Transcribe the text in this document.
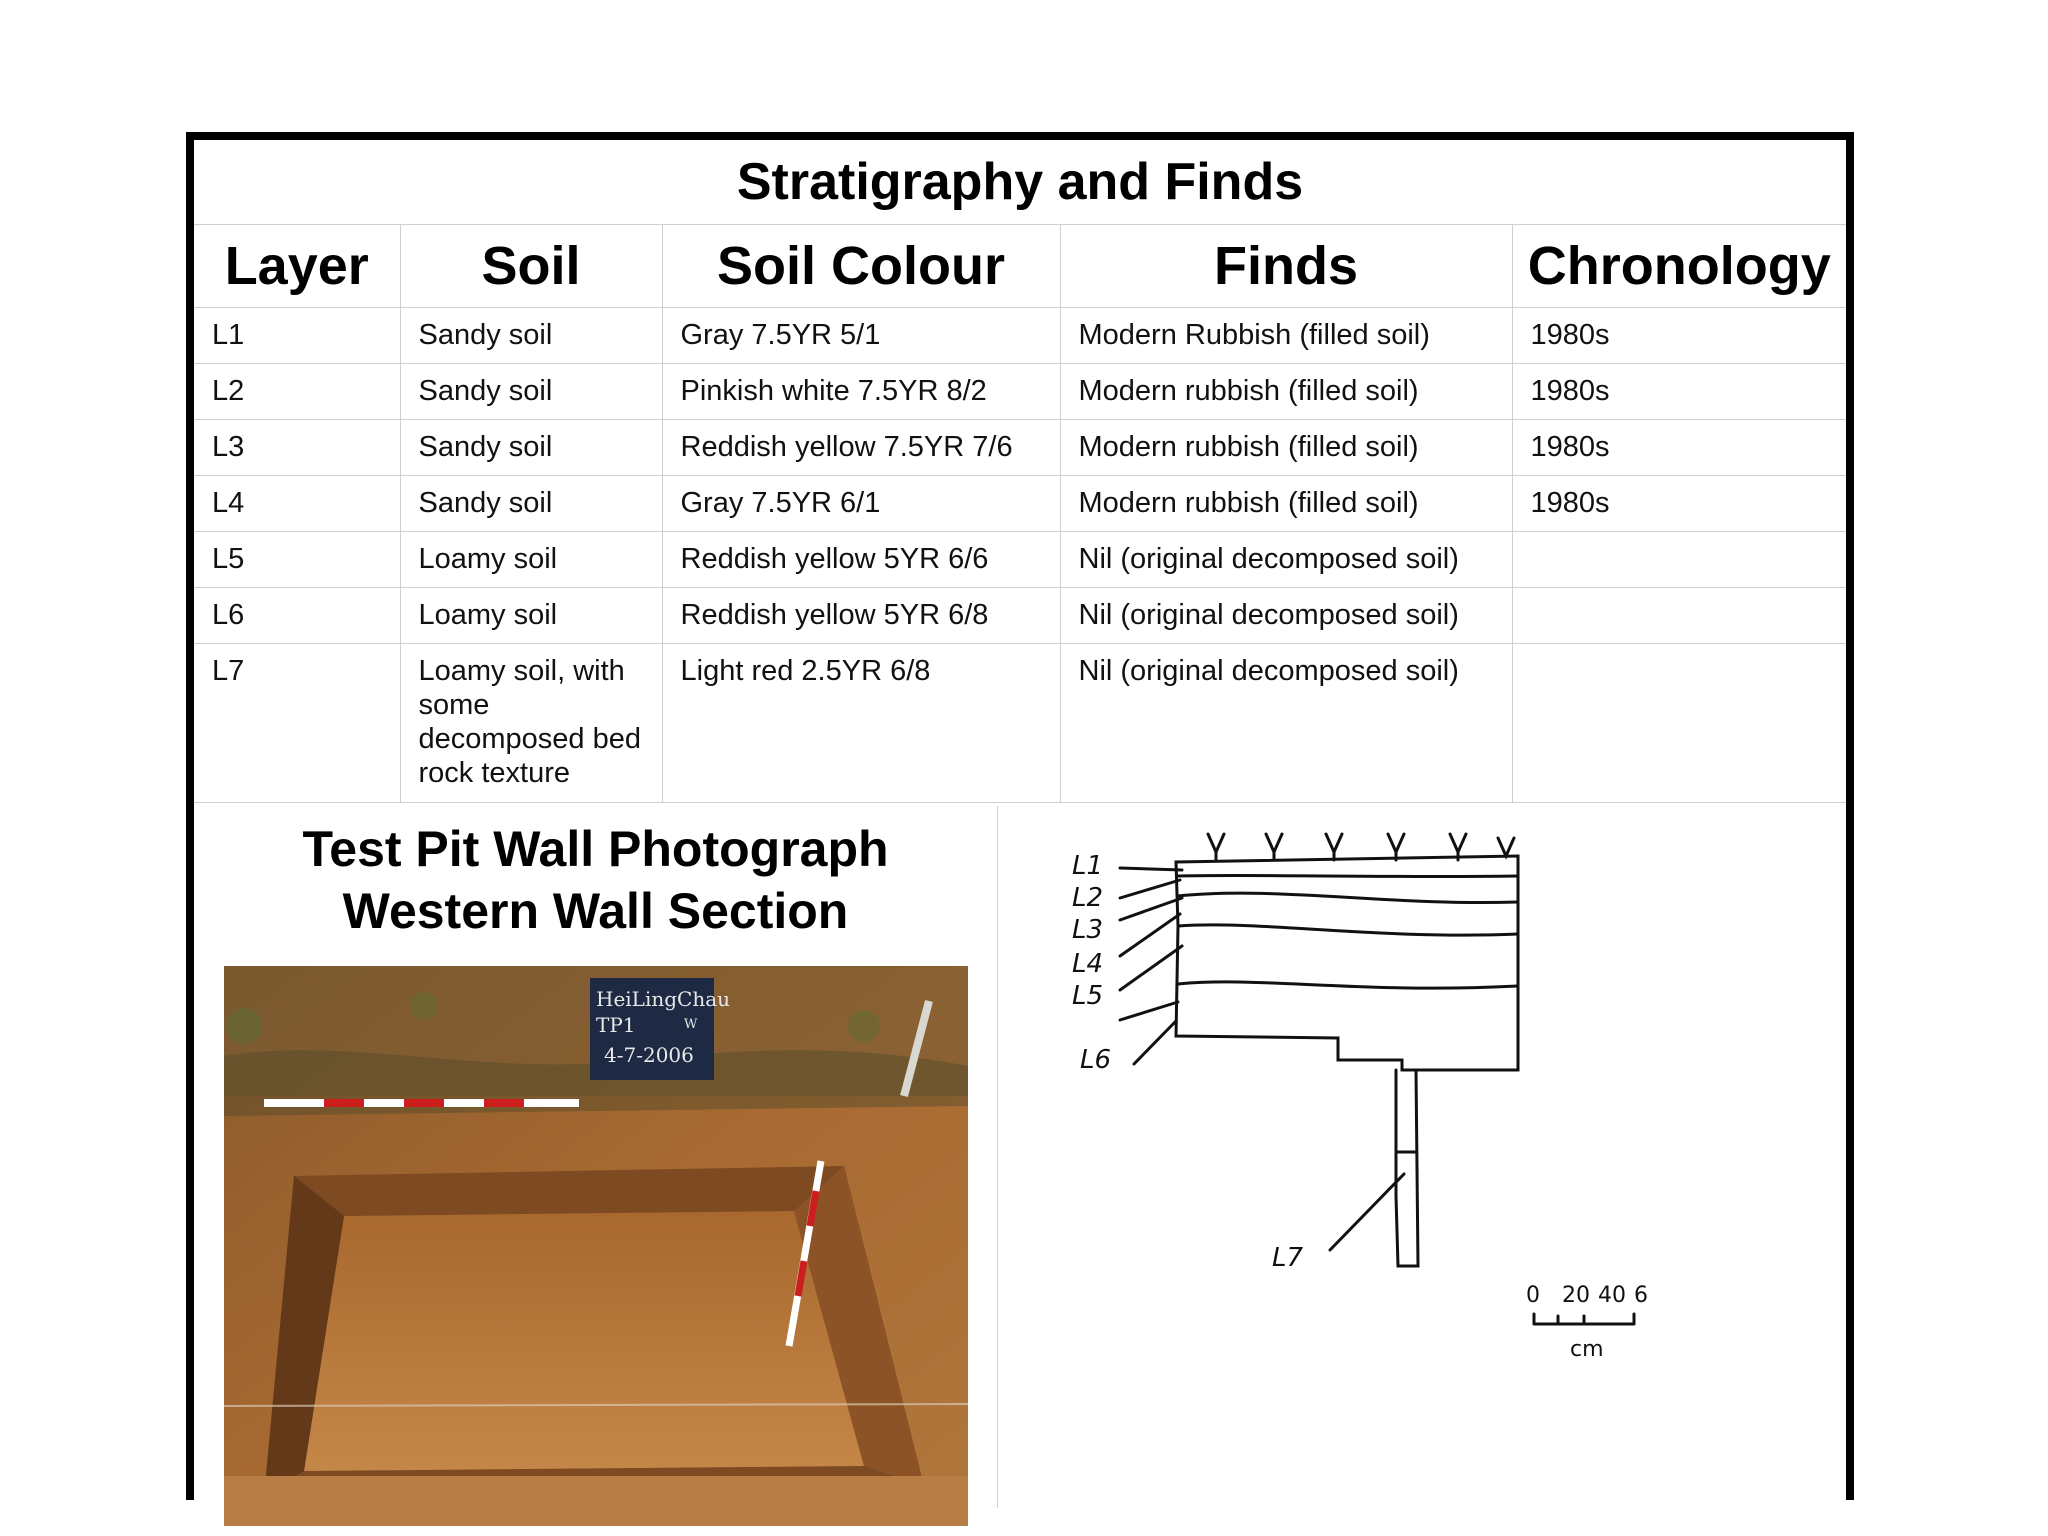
Stratigraphy and Finds
Layer	Soil	Soil Colour	Finds	Chronology
L1	Sandy soil	Gray 7.5YR 5/1	Modern Rubbish (filled soil)	1980s
L2	Sandy soil	Pinkish white 7.5YR 8/2	Modern rubbish (filled soil)	1980s
L3	Sandy soil	Reddish yellow 7.5YR 7/6	Modern rubbish (filled soil)	1980s
L4	Sandy soil	Gray 7.5YR 6/1	Modern rubbish (filled soil)	1980s
L5	Loamy soil	Reddish yellow 5YR 6/6	Nil (original decomposed soil)	
L6	Loamy soil	Reddish yellow 5YR 6/8	Nil (original decomposed soil)	
L7	Loamy soil, with some decomposed bed rock texture	Light red 2.5YR 6/8	Nil (original decomposed soil)	
Test Pit Wall Photograph
Western Wall Section
HeiLingChau
TP1	W
4-7-2006
Test Pit Wall Drawing
Western Wall Drawing
L1
L2
L3
L4
L5
L6
L7
0 20 40 6
cm
